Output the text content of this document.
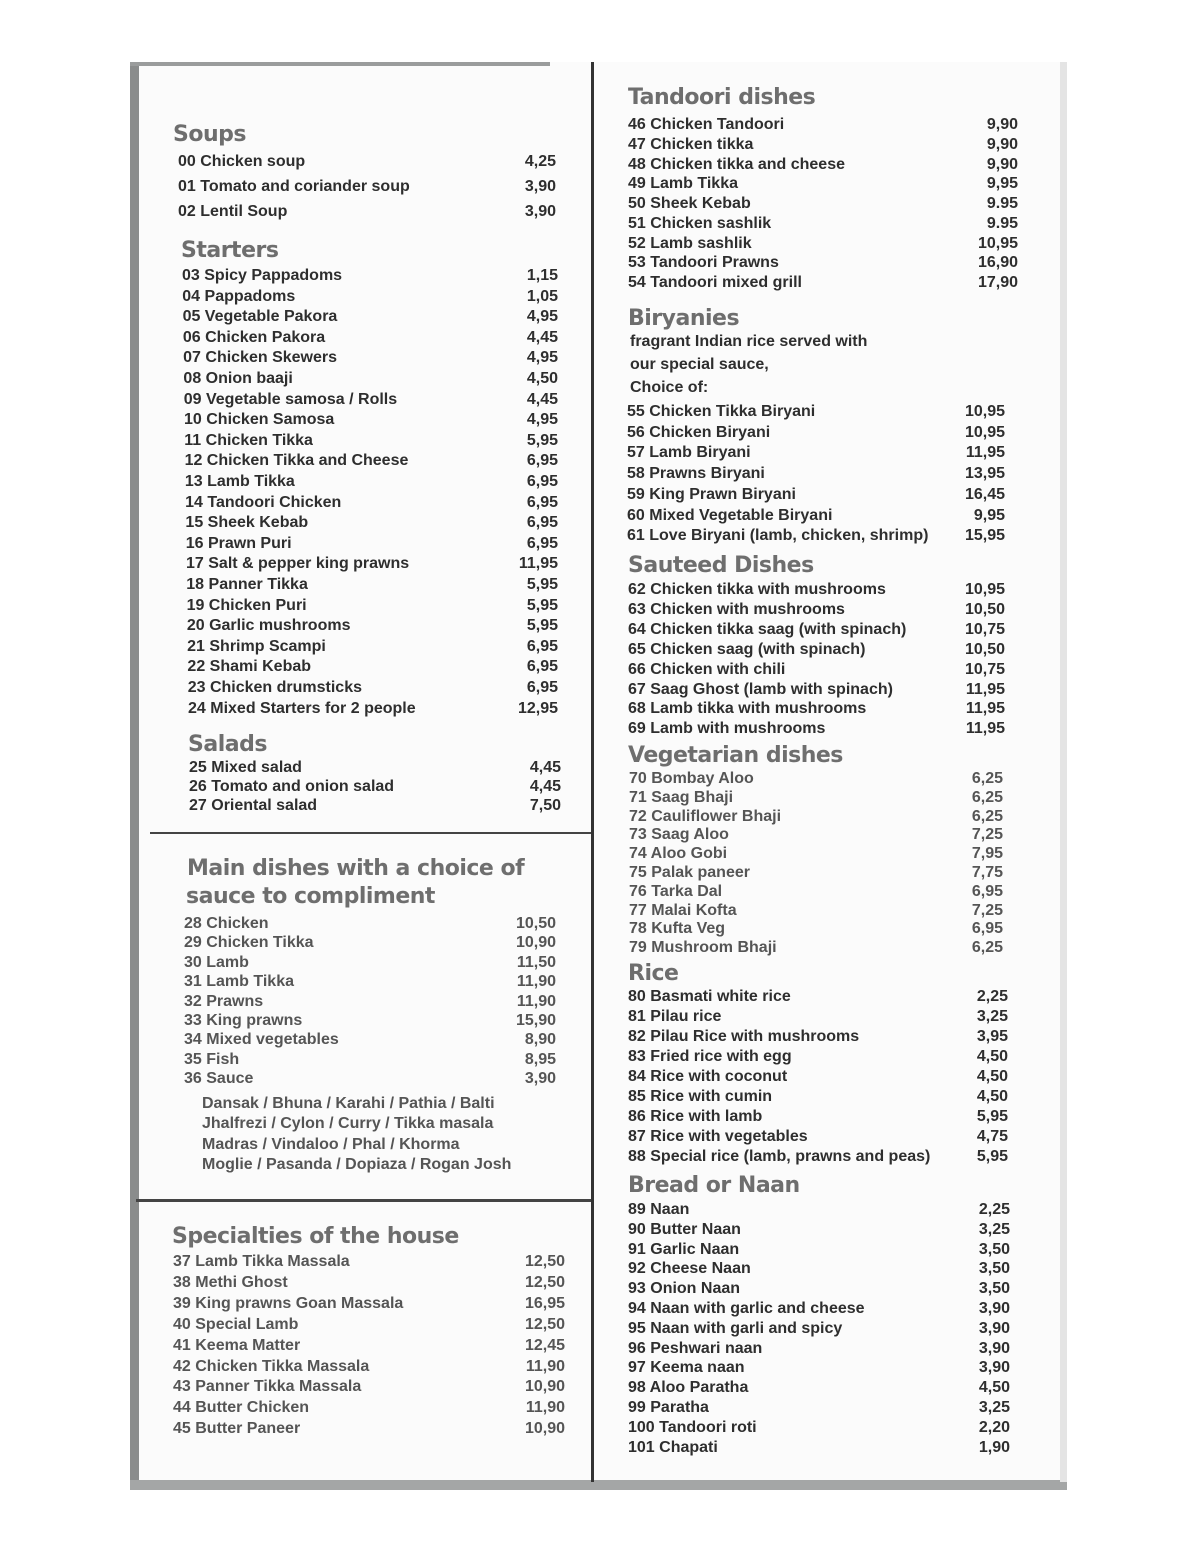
Soups
00 Chicken soup	4,25
01 Tomato and coriander soup	3,90
02 Lentil Soup	3,90
Starters
03 Spicy Pappadoms	1,15
04 Pappadoms	1,05
05 Vegetable Pakora	4,95
06 Chicken Pakora	4,45
07 Chicken Skewers	4,95
08 Onion baaji	4,50
09 Vegetable samosa / Rolls	4,45
10 Chicken Samosa	4,95
11 Chicken Tikka	5,95
12 Chicken Tikka and Cheese	6,95
13 Lamb Tikka	6,95
14 Tandoori Chicken	6,95
15 Sheek Kebab	6,95
16 Prawn Puri	6,95
17 Salt & pepper king prawns	11,95
18 Panner Tikka	5,95
19 Chicken Puri	5,95
20 Garlic mushrooms	5,95
21 Shrimp Scampi	6,95
22 Shami Kebab	6,95
23 Chicken drumsticks	6,95
24 Mixed Starters for 2 people	12,95
Salads
25 Mixed salad	4,45
26 Tomato and onion salad	4,45
27 Oriental salad	7,50
Main dishes with a choice of
sauce to compliment
28 Chicken	10,50
29 Chicken Tikka	10,90
30 Lamb	11,50
31 Lamb Tikka	11,90
32 Prawns	11,90
33 King prawns	15,90
34 Mixed vegetables	8,90
35 Fish	8,95
36 Sauce	3,90
Dansak / Bhuna / Karahi / Pathia / Balti
Jhalfrezi / Cylon / Curry / Tikka masala
Madras / Vindaloo / Phal / Khorma
Moglie / Pasanda / Dopiaza / Rogan Josh
Specialties of the house
37 Lamb Tikka Massala	12,50
38 Methi Ghost	12,50
39 King prawns Goan Massala	16,95
40 Special Lamb	12,50
41 Keema Matter	12,45
42 Chicken Tikka Massala	11,90
43 Panner Tikka Massala	10,90
44 Butter Chicken	11,90
45 Butter Paneer	10,90
Tandoori dishes
46 Chicken Tandoori	9,90
47 Chicken tikka	9,90
48 Chicken tikka and cheese	9,90
49 Lamb Tikka	9,95
50 Sheek Kebab	9.95
51 Chicken sashlik	9.95
52 Lamb sashlik	10,95
53 Tandoori Prawns	16,90
54 Tandoori mixed grill	17,90
Biryanies
fragrant Indian rice served with
our special sauce,
Choice of:
55 Chicken Tikka Biryani	10,95
56 Chicken Biryani	10,95
57 Lamb Biryani	11,95
58 Prawns Biryani	13,95
59 King Prawn Biryani	16,45
60 Mixed Vegetable Biryani	9,95
61 Love Biryani (lamb, chicken, shrimp)	15,95
Sauteed Dishes
62 Chicken tikka with mushrooms	10,95
63 Chicken with mushrooms	10,50
64 Chicken tikka saag (with spinach)	10,75
65 Chicken saag (with spinach)	10,50
66 Chicken with chili	10,75
67 Saag Ghost (lamb with spinach)	11,95
68 Lamb tikka with mushrooms	11,95
69 Lamb with mushrooms	11,95
Vegetarian dishes
70 Bombay Aloo	6,25
71 Saag Bhaji	6,25
72 Cauliflower Bhaji	6,25
73 Saag Aloo	7,25
74 Aloo Gobi	7,95
75 Palak paneer	7,75
76 Tarka Dal	6,95
77 Malai Kofta	7,25
78 Kufta Veg	6,95
79 Mushroom Bhaji	6,25
Rice
80 Basmati white rice	2,25
81 Pilau rice	3,25
82 Pilau Rice with mushrooms	3,95
83 Fried rice with egg	4,50
84 Rice with coconut	4,50
85 Rice with cumin	4,50
86 Rice with lamb	5,95
87 Rice with vegetables	4,75
88 Special rice (lamb, prawns and peas)	5,95
Bread or Naan
89 Naan	2,25
90 Butter Naan	3,25
91 Garlic Naan	3,50
92 Cheese Naan	3,50
93 Onion Naan	3,50
94 Naan with garlic and cheese	3,90
95 Naan with garli and spicy	3,90
96 Peshwari naan	3,90
97 Keema naan	3,90
98 Aloo Paratha	4,50
99 Paratha	3,25
100 Tandoori roti	2,20
101 Chapati	1,90
